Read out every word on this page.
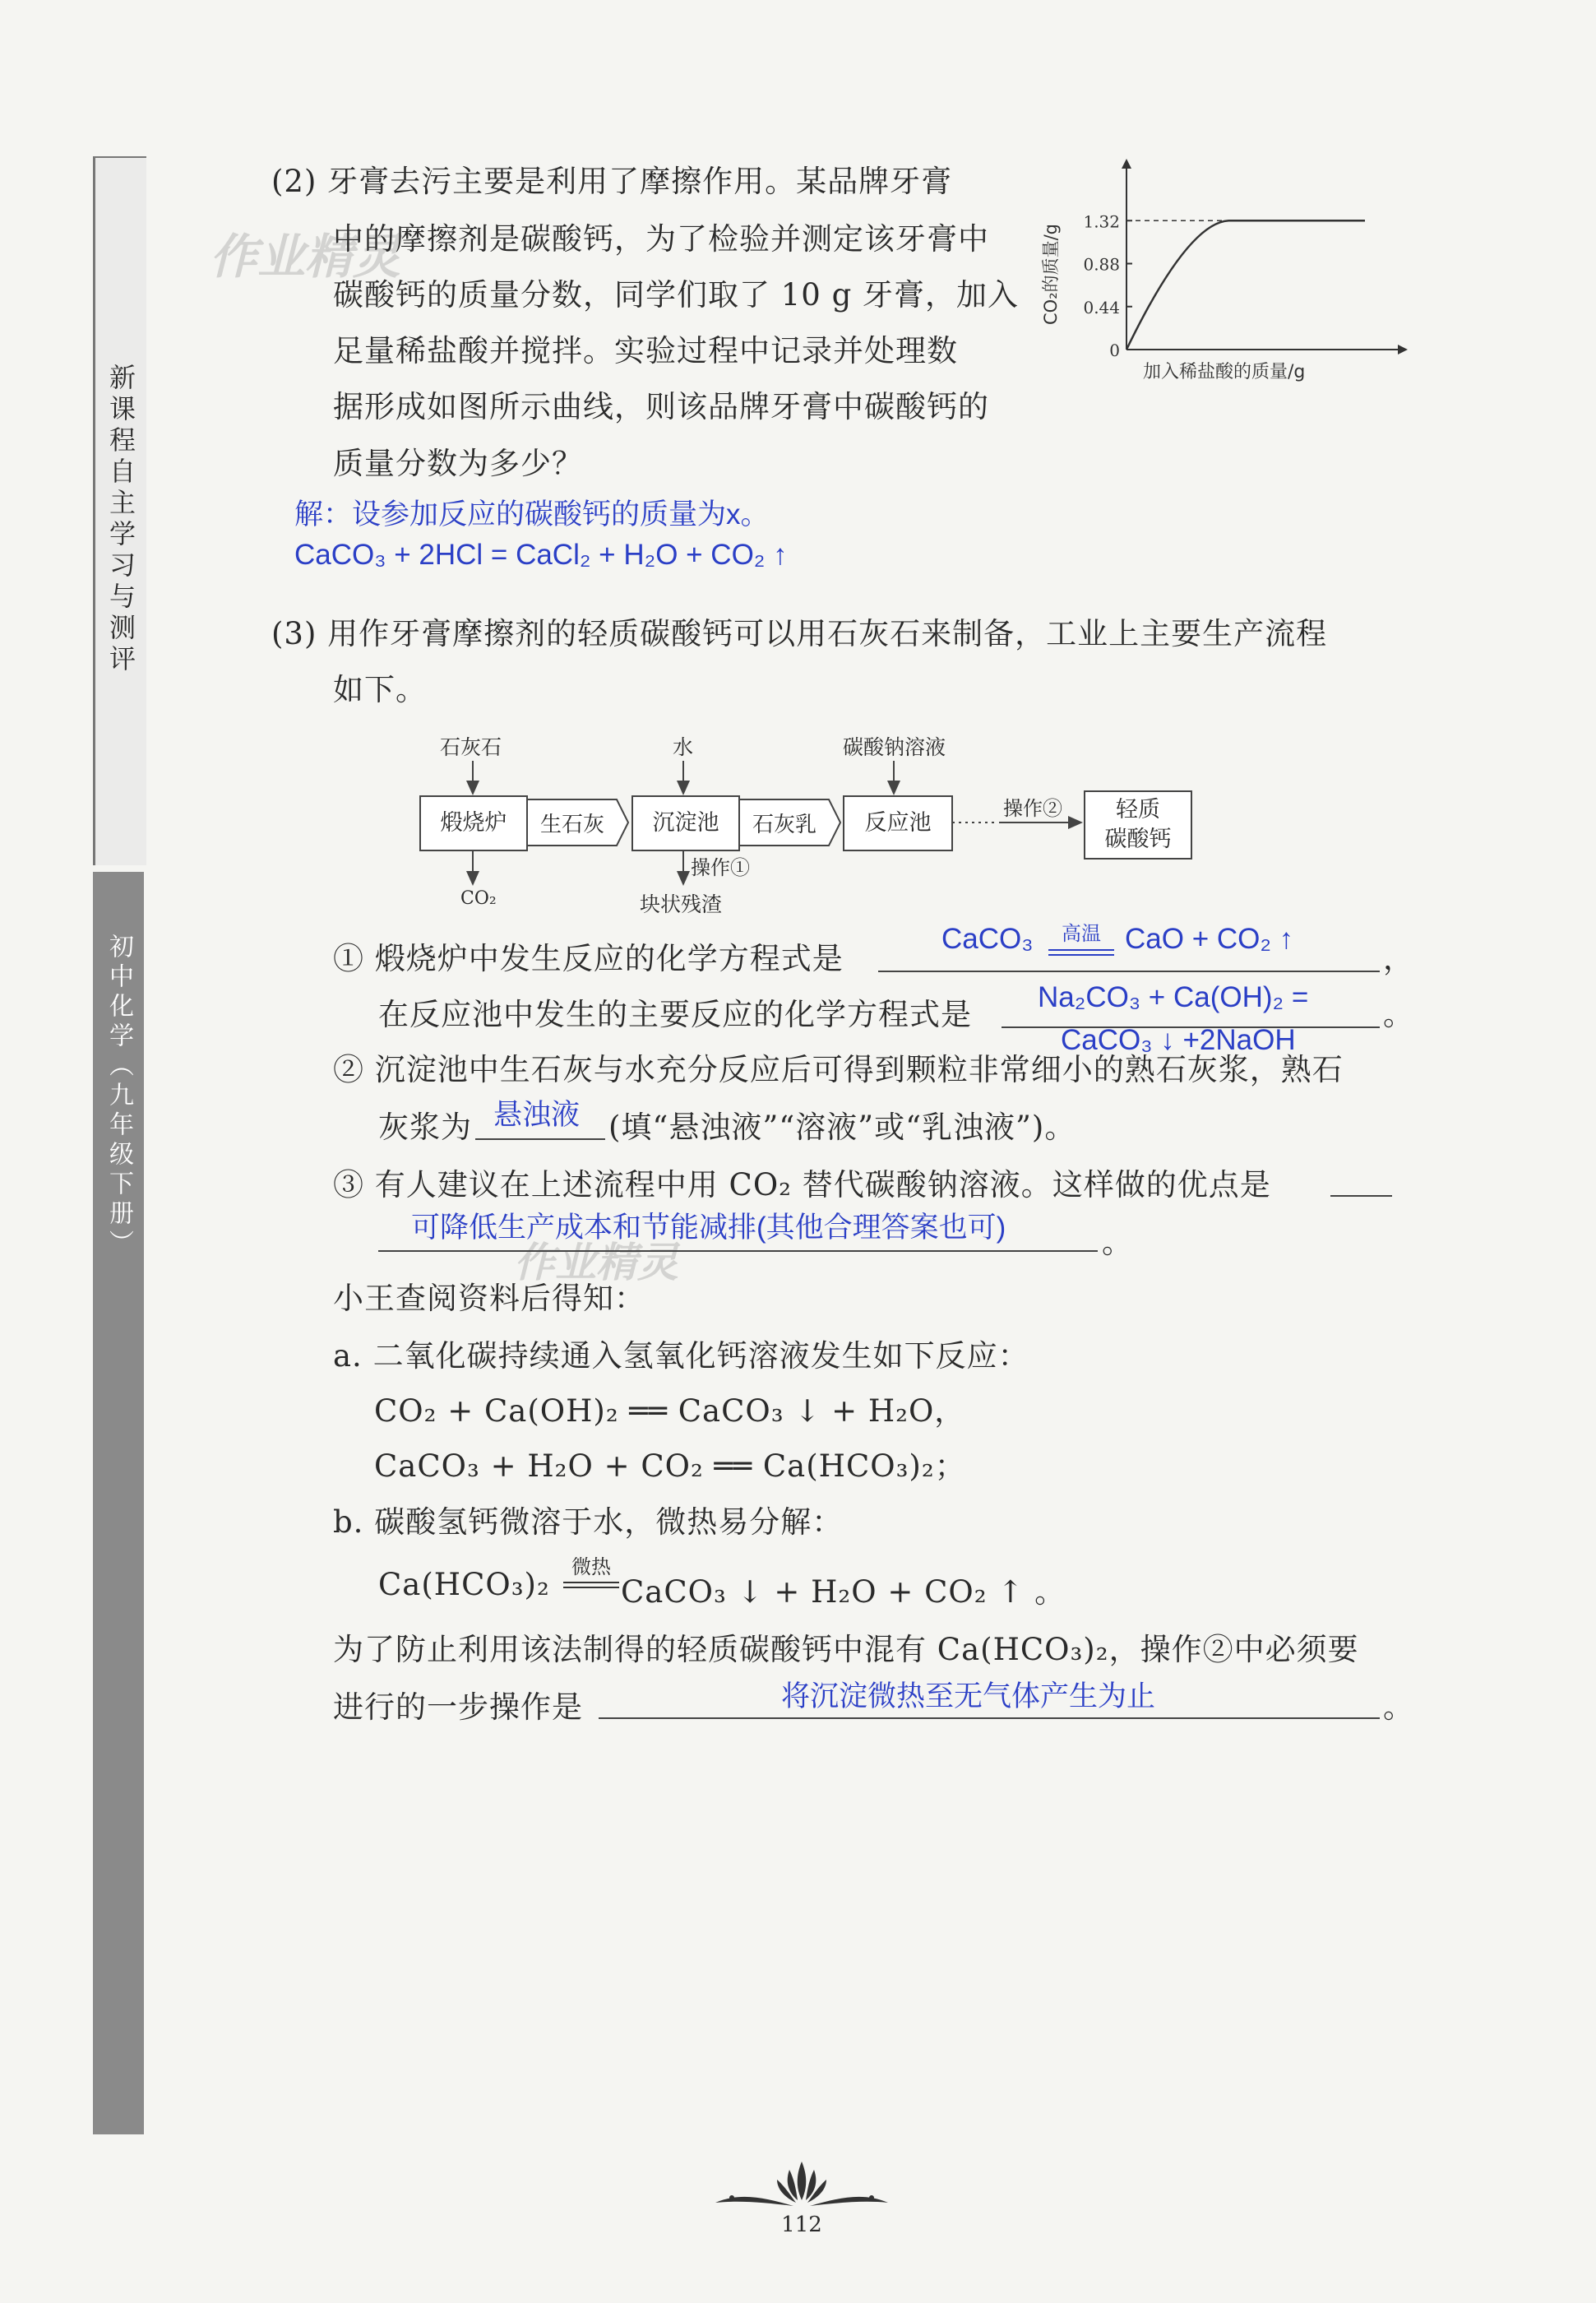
新课程自主学习与测评
初中化学（九年级下册）
作业精灵
作业精灵
(2) 牙膏去污主要是利用了摩擦作用。某品牌牙膏
中的摩擦剂是碳酸钙，为了检验并测定该牙膏中
碳酸钙的质量分数，同学们取了 10 g 牙膏，加入
足量稀盐酸并搅拌。实验过程中记录并处理数
据形成如图所示曲线，则该品牌牙膏中碳酸钙的
质量分数为多少？
解：设参加反应的碳酸钙的质量为x。
CaCO₃ + 2HCl = CaCl₂ + H₂O + CO₂ ↑
1.32
0.88
0.44
0
加入稀盐酸的质量/g
CO₂的质量/g
(3) 用作牙膏摩擦剂的轻质碳酸钙可以用石灰石来制备，工业上主要生产流程
如下。
石灰石	水	碳酸钠溶液
煅烧炉	生石灰	沉淀池	石灰乳	反应池
操作②	轻质
碳酸钙
CO₂
操作①
块状残渣
① 煅烧炉中发生反应的化学方程式是
CaCO₃	高温 CaO + CO₂ ↑
，
在反应池中发生的主要反应的化学方程式是 Na₂CO₃ + Ca(OH)₂ =
CaCO₃ ↓ +2NaOH
。
② 沉淀池中生石灰与水充分反应后可得到颗粒非常细小的熟石灰浆，熟石
灰浆为 悬浊液 (填“悬浊液”“溶液”或“乳浊液”)。
③ 有人建议在上述流程中用 CO₂ 替代碳酸钠溶液。这样做的优点是
可降低生产成本和节能减排(其他合理答案也可)	。
小王查阅资料后得知：
a. 二氧化碳持续通入氢氧化钙溶液发生如下反应：
CO₂ + Ca(OH)₂ ══ CaCO₃ ↓ + H₂O，
CaCO₃ + H₂O + CO₂ ══ Ca(HCO₃)₂；
b. 碳酸氢钙微溶于水，微热易分解：
Ca(HCO₃)₂	微热
CaCO₃ ↓ + H₂O + CO₂ ↑ 。
为了防止利用该法制得的轻质碳酸钙中混有 Ca(HCO₃)₂，操作②中必须要
进行的一步操作是	将沉淀微热至无气体产生为止	。
112
